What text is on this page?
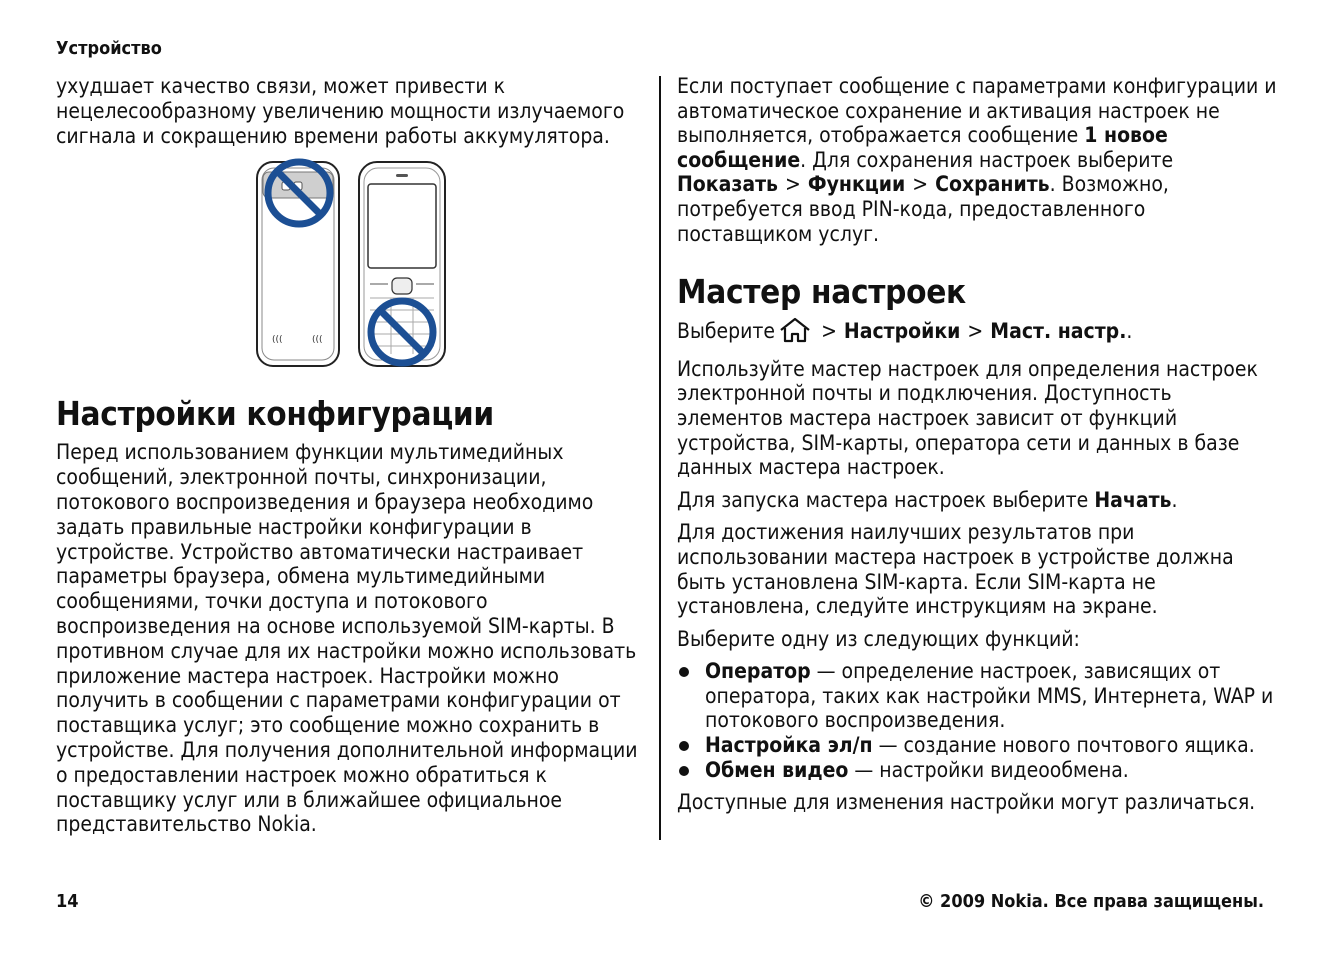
Устройство

ухудшает качество связи, может привести к нецелесообразному увеличению мощности излучаемого сигнала и сокращению времени работы аккумулятора.

(((	(((
Настройки конфигурации

Перед использованием функции мультимедийных сообщений, электронной почты, синхронизации, потокового воспроизведения и браузера необходимо задать правильные настройки конфигурации в устройстве. Устройство автоматически настраивает параметры браузера, обмена мультимедийными сообщениями, точки доступа и потокового воспроизведения на основе используемой SIM-карты. В противном случае для их настройки можно использовать приложение мастера настроек. Настройки можно получить в сообщении с параметрами конфигурации от поставщика услуг; это сообщение можно сохранить в устройстве. Для получения дополнительной информации о предоставлении настроек можно обратиться к поставщику услуг или в ближайшее официальное представительство Nokia.

Если поступает сообщение с параметрами конфигурации и автоматическое сохранение и активация настроек не выполняется, отображается сообщение 1 новое сообщение. Для сохранения настроек выберите Показать > Функции > Сохранить. Возможно, потребуется ввод PIN-кода, предоставленного поставщиком услуг.

Мастер настроек

Выберите > Настройки > Маст. настр..

Используйте мастер настроек для определения настроек электронной почты и подключения. Доступность элементов мастера настроек зависит от функций устройства, SIM-карты, оператора сети и данных в базе данных мастера настроек.

Для запуска мастера настроек выберите Начать.

Для достижения наилучших результатов при использовании мастера настроек в устройстве должна быть установлена SIM-карта. Если SIM-карта не установлена, следуйте инструкциям на экране.

Выберите одну из следующих функций:

Оператор — определение настроек, зависящих от оператора, таких как настройки MMS, Интернета, WAP и потокового воспроизведения.
Настройка эл/п — создание нового почтового ящика.
Обмен видео — настройки видеообмена.

Доступные для изменения настройки могут различаться.

14	© 2009 Nokia. Все права защищены.
